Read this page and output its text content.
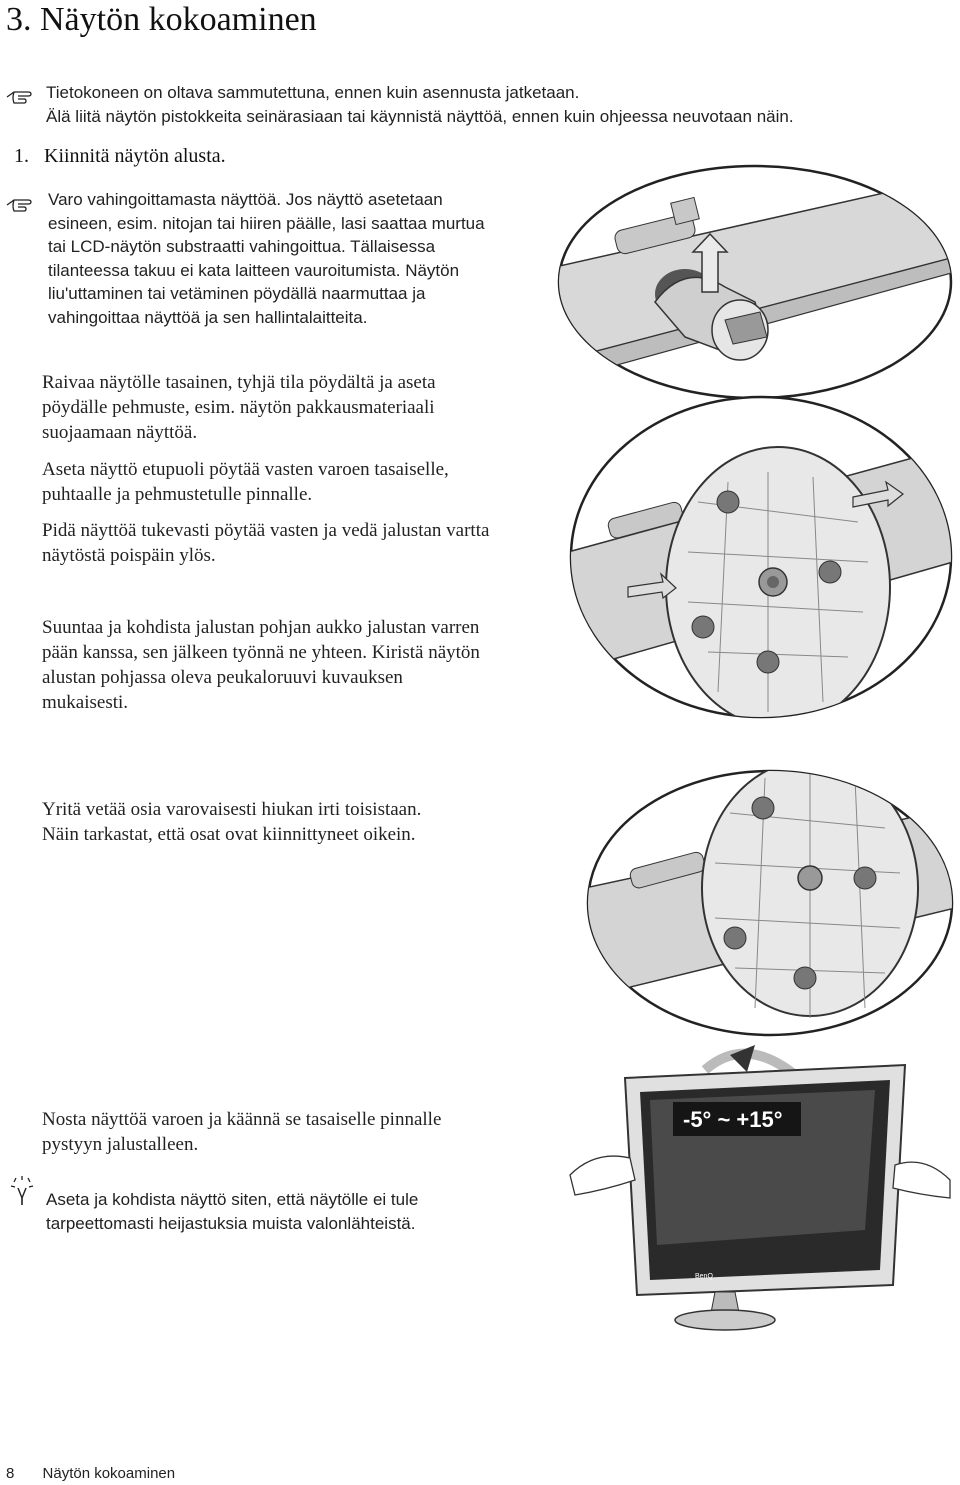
3. Näytön kokoaminen
Tietokoneen on oltava sammutettuna, ennen kuin asennusta jatketaan.
Älä liitä näytön pistokkeita seinärasiaan tai käynnistä näyttöä, ennen kuin ohjeessa neuvotaan näin.
1. Kiinnitä näytön alusta.
Varo vahingoittamasta näyttöä. Jos näyttö asetetaan
esineen, esim. nitojan tai hiiren päälle, lasi saattaa murtua
tai LCD-näytön substraatti vahingoittua. Tällaisessa
tilanteessa takuu ei kata laitteen vauroitumista. Näytön
liu'uttaminen tai vetäminen pöydällä naarmuttaa ja
vahingoittaa näyttöä ja sen hallintalaitteita.
Raivaa näytölle tasainen, tyhjä tila pöydältä ja aseta
pöydälle pehmuste, esim. näytön pakkausmateriaali
suojaamaan näyttöä.
Aseta näyttö etupuoli pöytää vasten varoen tasaiselle,
puhtaalle ja pehmustetulle pinnalle.
Pidä näyttöä tukevasti pöytää vasten ja vedä jalustan vartta
näytöstä poispäin ylös.
Suuntaa ja kohdista jalustan pohjan aukko jalustan varren
pään kanssa, sen jälkeen työnnä ne yhteen. Kiristä näytön
alustan pohjassa oleva peukaloruuvi kuvauksen
mukaisesti.
Yritä vetää osia varovaisesti hiukan irti toisistaan.
Näin tarkastat, että osat ovat kiinnittyneet oikein.
Nosta näyttöä varoen ja käännä se tasaiselle pinnalle
pystyyn jalustalleen.
Aseta ja kohdista näyttö siten, että näytölle ei tule
tarpeettomasti heijastuksia muista valonlähteistä.
-5° ~ +15°
BenQ
8 Näytön kokoaminen
